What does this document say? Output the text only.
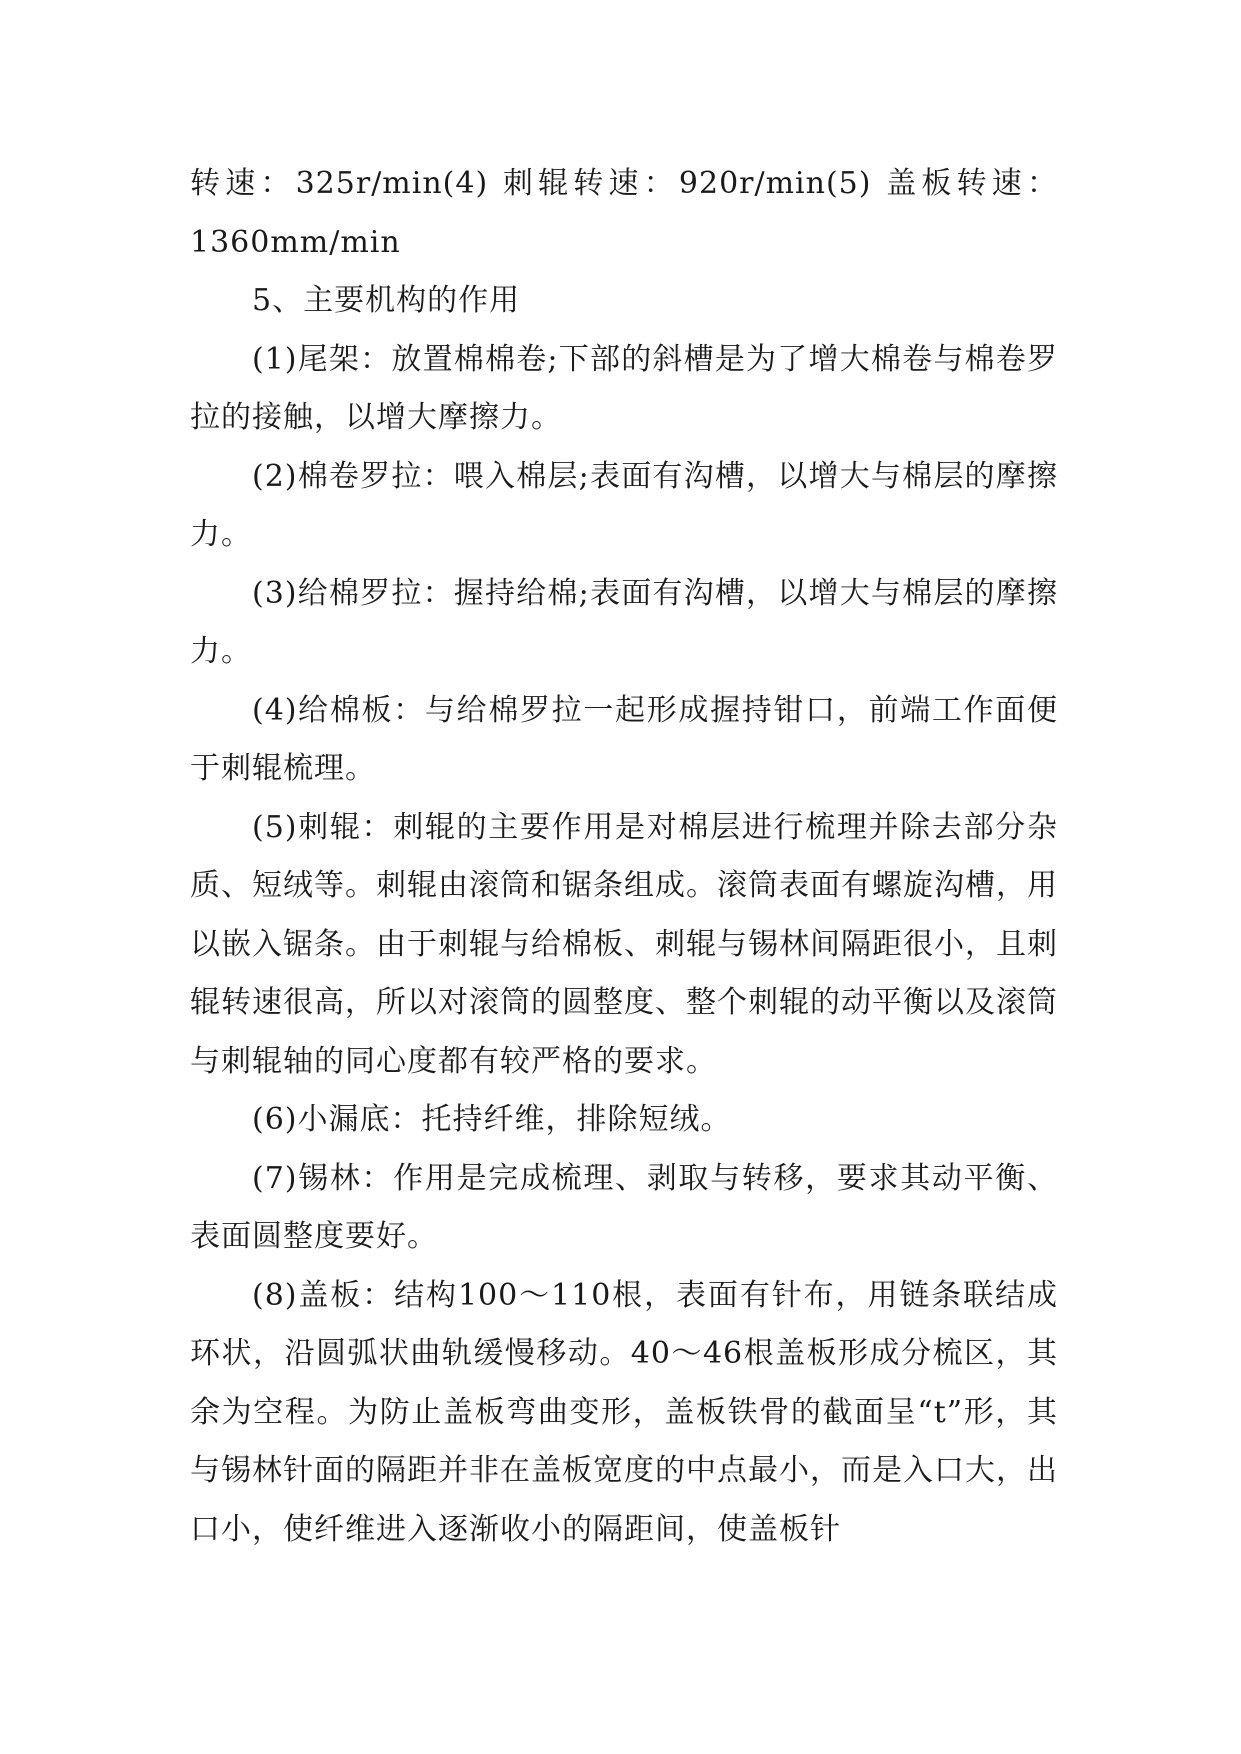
转速：325r/min(4) 刺辊转速：920r/min(5) 盖板转速：1360mm/min

5、主要机构的作用

(1)尾架：放置棉棉卷;下部的斜槽是为了增大棉卷与棉卷罗拉的接触，以增大摩擦力。

(2)棉卷罗拉：喂入棉层;表面有沟槽，以增大与棉层的摩擦力。

(3)给棉罗拉：握持给棉;表面有沟槽，以增大与棉层的摩擦力。

(4)给棉板：与给棉罗拉一起形成握持钳口，前端工作面便于刺辊梳理。

(5)刺辊：刺辊的主要作用是对棉层进行梳理并除去部分杂质、短绒等。刺辊由滚筒和锯条组成。滚筒表面有螺旋沟槽，用以嵌入锯条。由于刺辊与给棉板、刺辊与锡林间隔距很小，且刺辊转速很高，所以对滚筒的圆整度、整个刺辊的动平衡以及滚筒与刺辊轴的同心度都有较严格的要求。

(6)小漏底：托持纤维，排除短绒。

(7)锡林：作用是完成梳理、剥取与转移，要求其动平衡、表面圆整度要好。

(8)盖板：结构100～110根，表面有针布，用链条联结成环状，沿圆弧状曲轨缓慢移动。40～46根盖板形成分梳区，其余为空程。为防止盖板弯曲变形，盖板铁骨的截面呈“t”形，其与锡林针面的隔距并非在盖板宽度的中点最小，而是入口大，出口小，使纤维进入逐渐收小的隔距间，使盖板针
